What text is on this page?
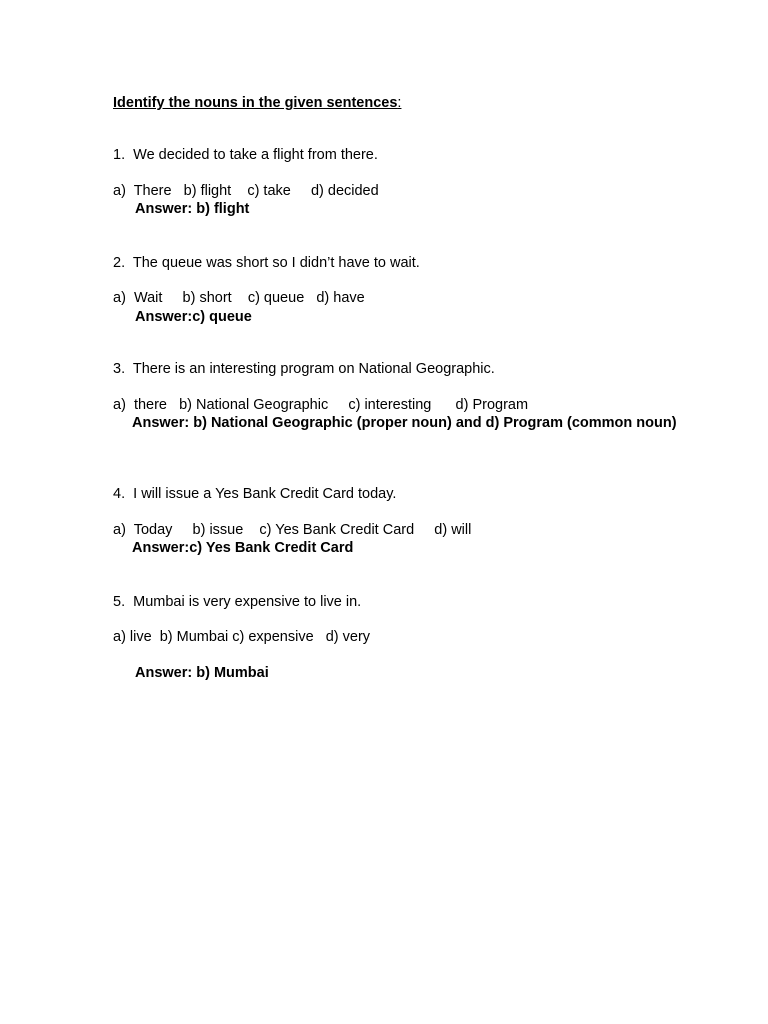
Identify the nouns in the given sentences:
1.  We decided to take a flight from there.
a)  There   b) flight    c) take     d) decided
Answer: b) flight
2.  The queue was short so I didn’t have to wait.
a)  Wait     b) short    c) queue   d) have
Answer:c) queue
3.  There is an interesting program on National Geographic.
a)  there   b) National Geographic     c) interesting      d) Program
Answer: b) National Geographic (proper noun) and d) Program (common noun)
4.  I will issue a Yes Bank Credit Card today.
a)  Today     b) issue    c) Yes Bank Credit Card     d) will
Answer:c) Yes Bank Credit Card
5.  Mumbai is very expensive to live in.
a) live  b) Mumbai c) expensive   d) very
Answer: b) Mumbai
